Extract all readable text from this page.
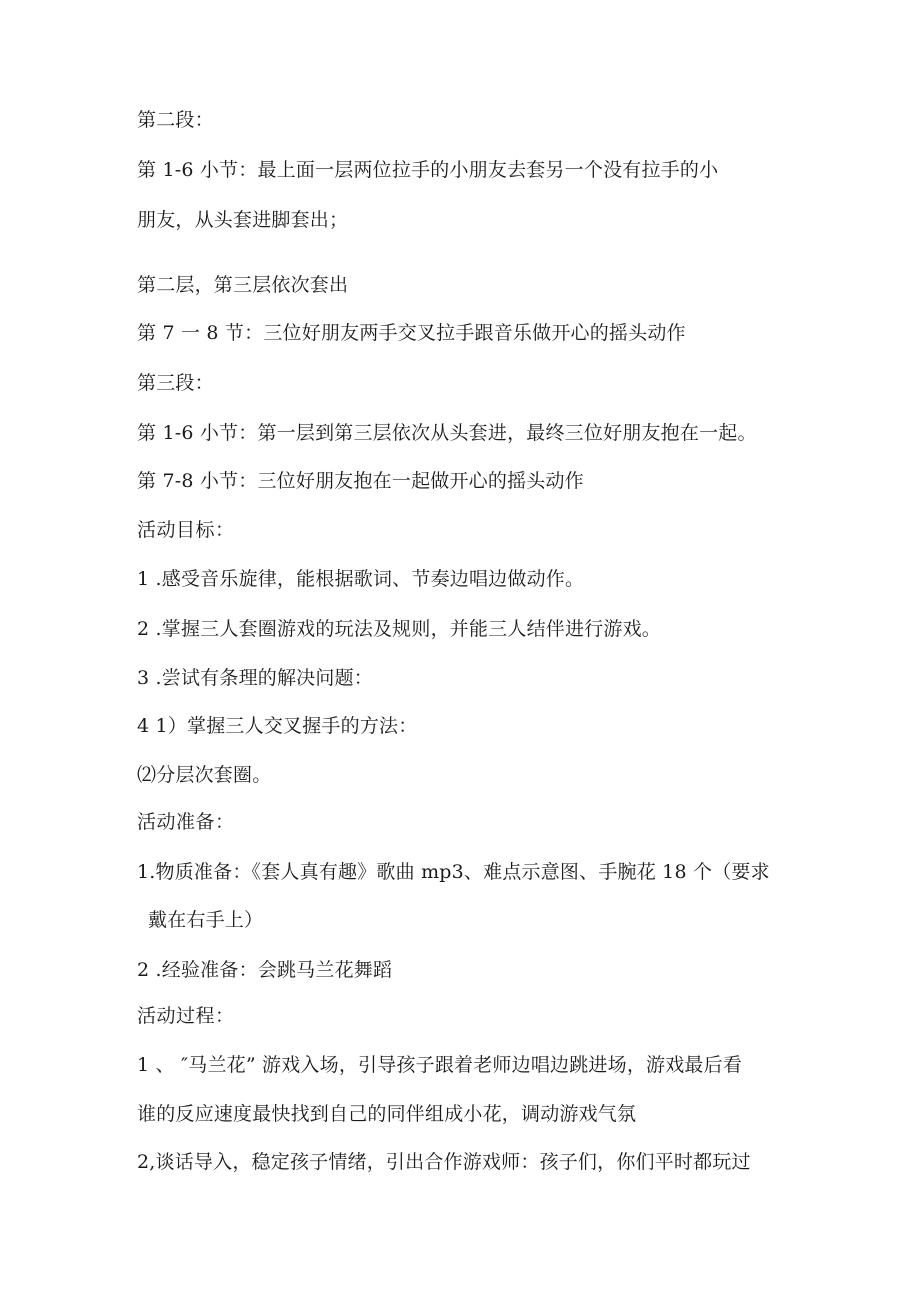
第二段：
第 1-6 小节：最上面一层两位拉手的小朋友去套另一个没有拉手的小
朋友，从头套进脚套出；
第二层，第三层依次套出
第 7 一 8 节：三位好朋友两手交叉拉手跟音乐做开心的摇头动作
第三段：
第 1-6 小节：第一层到第三层依次从头套进，最终三位好朋友抱在一起。
第 7-8 小节：三位好朋友抱在一起做开心的摇头动作
活动目标：
1 .感受音乐旋律，能根据歌词、节奏边唱边做动作。
2 .掌握三人套圈游戏的玩法及规则，并能三人结伴进行游戏。
3 .尝试有条理的解决问题：
4 1）掌握三人交叉握手的方法：
⑵分层次套圈。
活动准备：
1.物质准备：《套人真有趣》歌曲 mp3、难点示意图、手腕花 18 个（要求
戴在右手上）
2 .经验准备：会跳马兰花舞蹈
活动过程：
1 、 ″马兰花” 游戏入场，引导孩子跟着老师边唱边跳进场，游戏最后看
谁的反应速度最快找到自己的同伴组成小花，调动游戏气氛
2,谈话导入，稳定孩子情绪，引出合作游戏师：孩子们，你们平时都玩过
